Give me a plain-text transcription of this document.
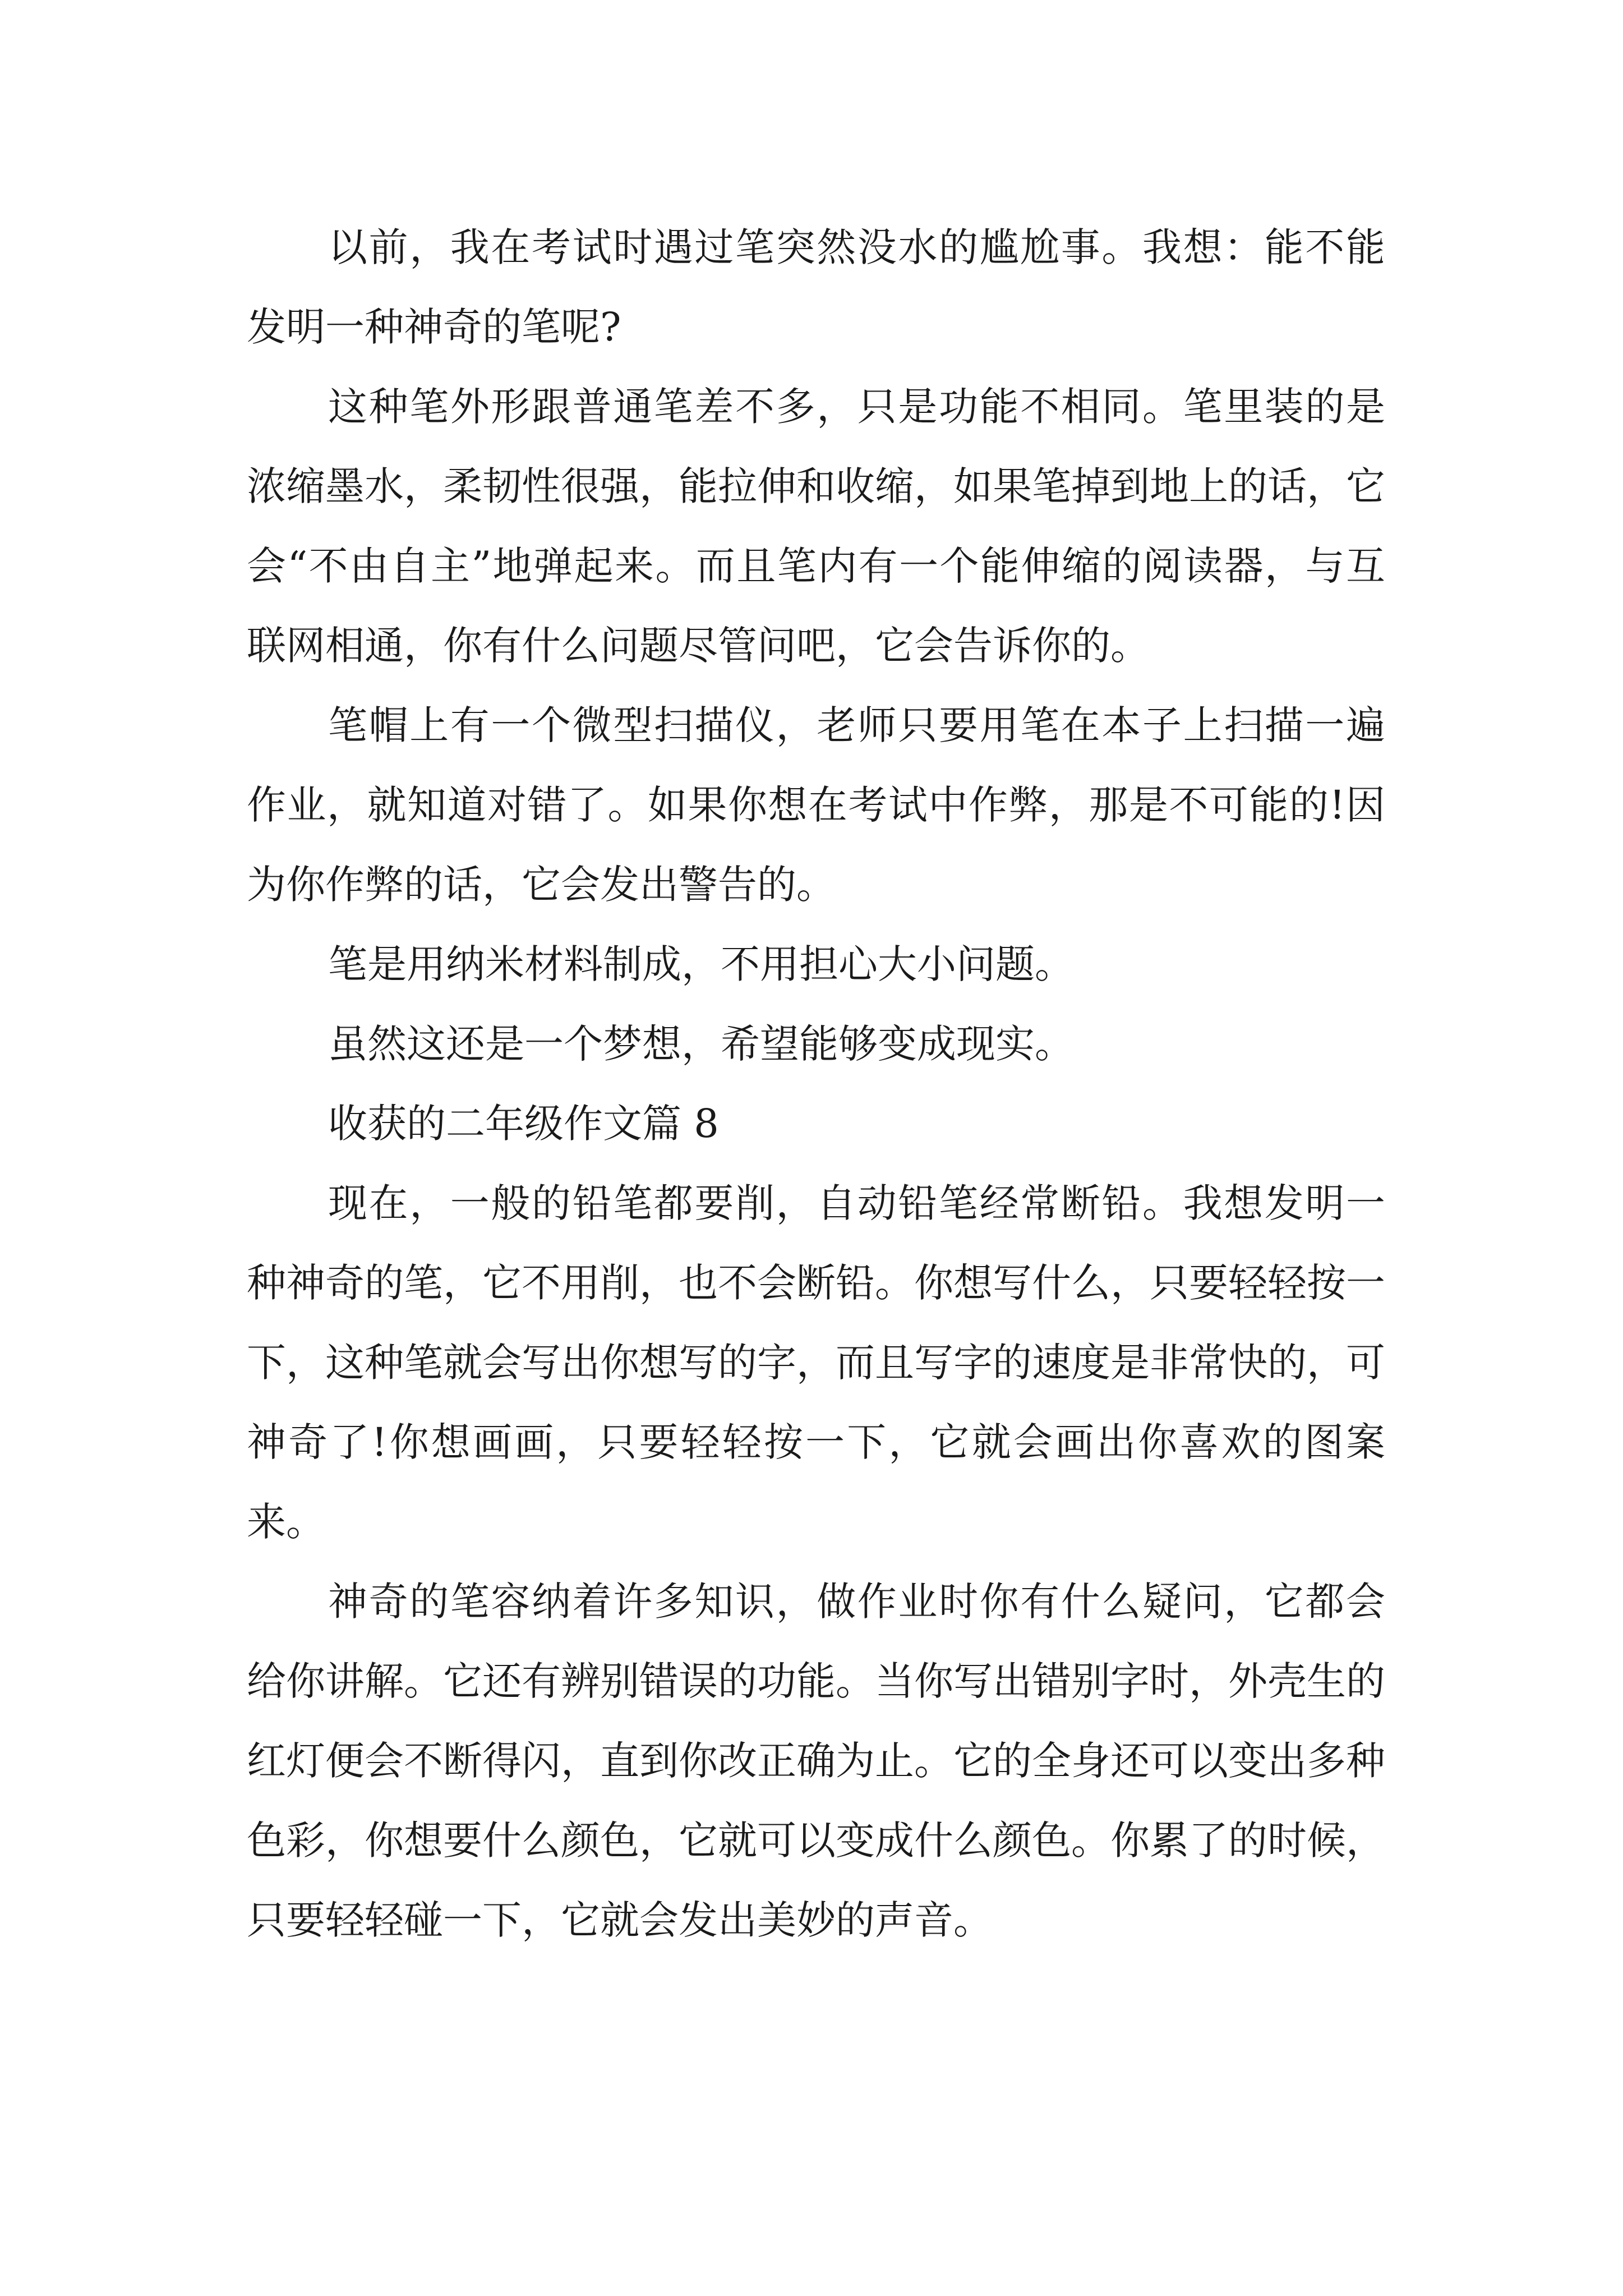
以前，我在考试时遇过笔突然没水的尴尬事。我想：能不能发明一种神奇的笔呢?

这种笔外形跟普通笔差不多，只是功能不相同。笔里装的是浓缩墨水，柔韧性很强，能拉伸和收缩，如果笔掉到地上的话，它会“不由自主”地弹起来。而且笔内有一个能伸缩的阅读器，与互联网相通，你有什么问题尽管问吧，它会告诉你的。

笔帽上有一个微型扫描仪，老师只要用笔在本子上扫描一遍作业，就知道对错了。如果你想在考试中作弊，那是不可能的!因为你作弊的话，它会发出警告的。

笔是用纳米材料制成，不用担心大小问题。

虽然这还是一个梦想，希望能够变成现实。

收获的二年级作文篇 8

现在，一般的铅笔都要削，自动铅笔经常断铅。我想发明一种神奇的笔，它不用削，也不会断铅。你想写什么，只要轻轻按一下，这种笔就会写出你想写的字，而且写字的速度是非常快的，可神奇了!你想画画，只要轻轻按一下，它就会画出你喜欢的图案来。

神奇的笔容纳着许多知识，做作业时你有什么疑问，它都会给你讲解。它还有辨别错误的功能。当你写出错别字时，外壳生的红灯便会不断得闪，直到你改正确为止。它的全身还可以变出多种色彩，你想要什么颜色，它就可以变成什么颜色。你累了的时候，只要轻轻碰一下，它就会发出美妙的声音。
